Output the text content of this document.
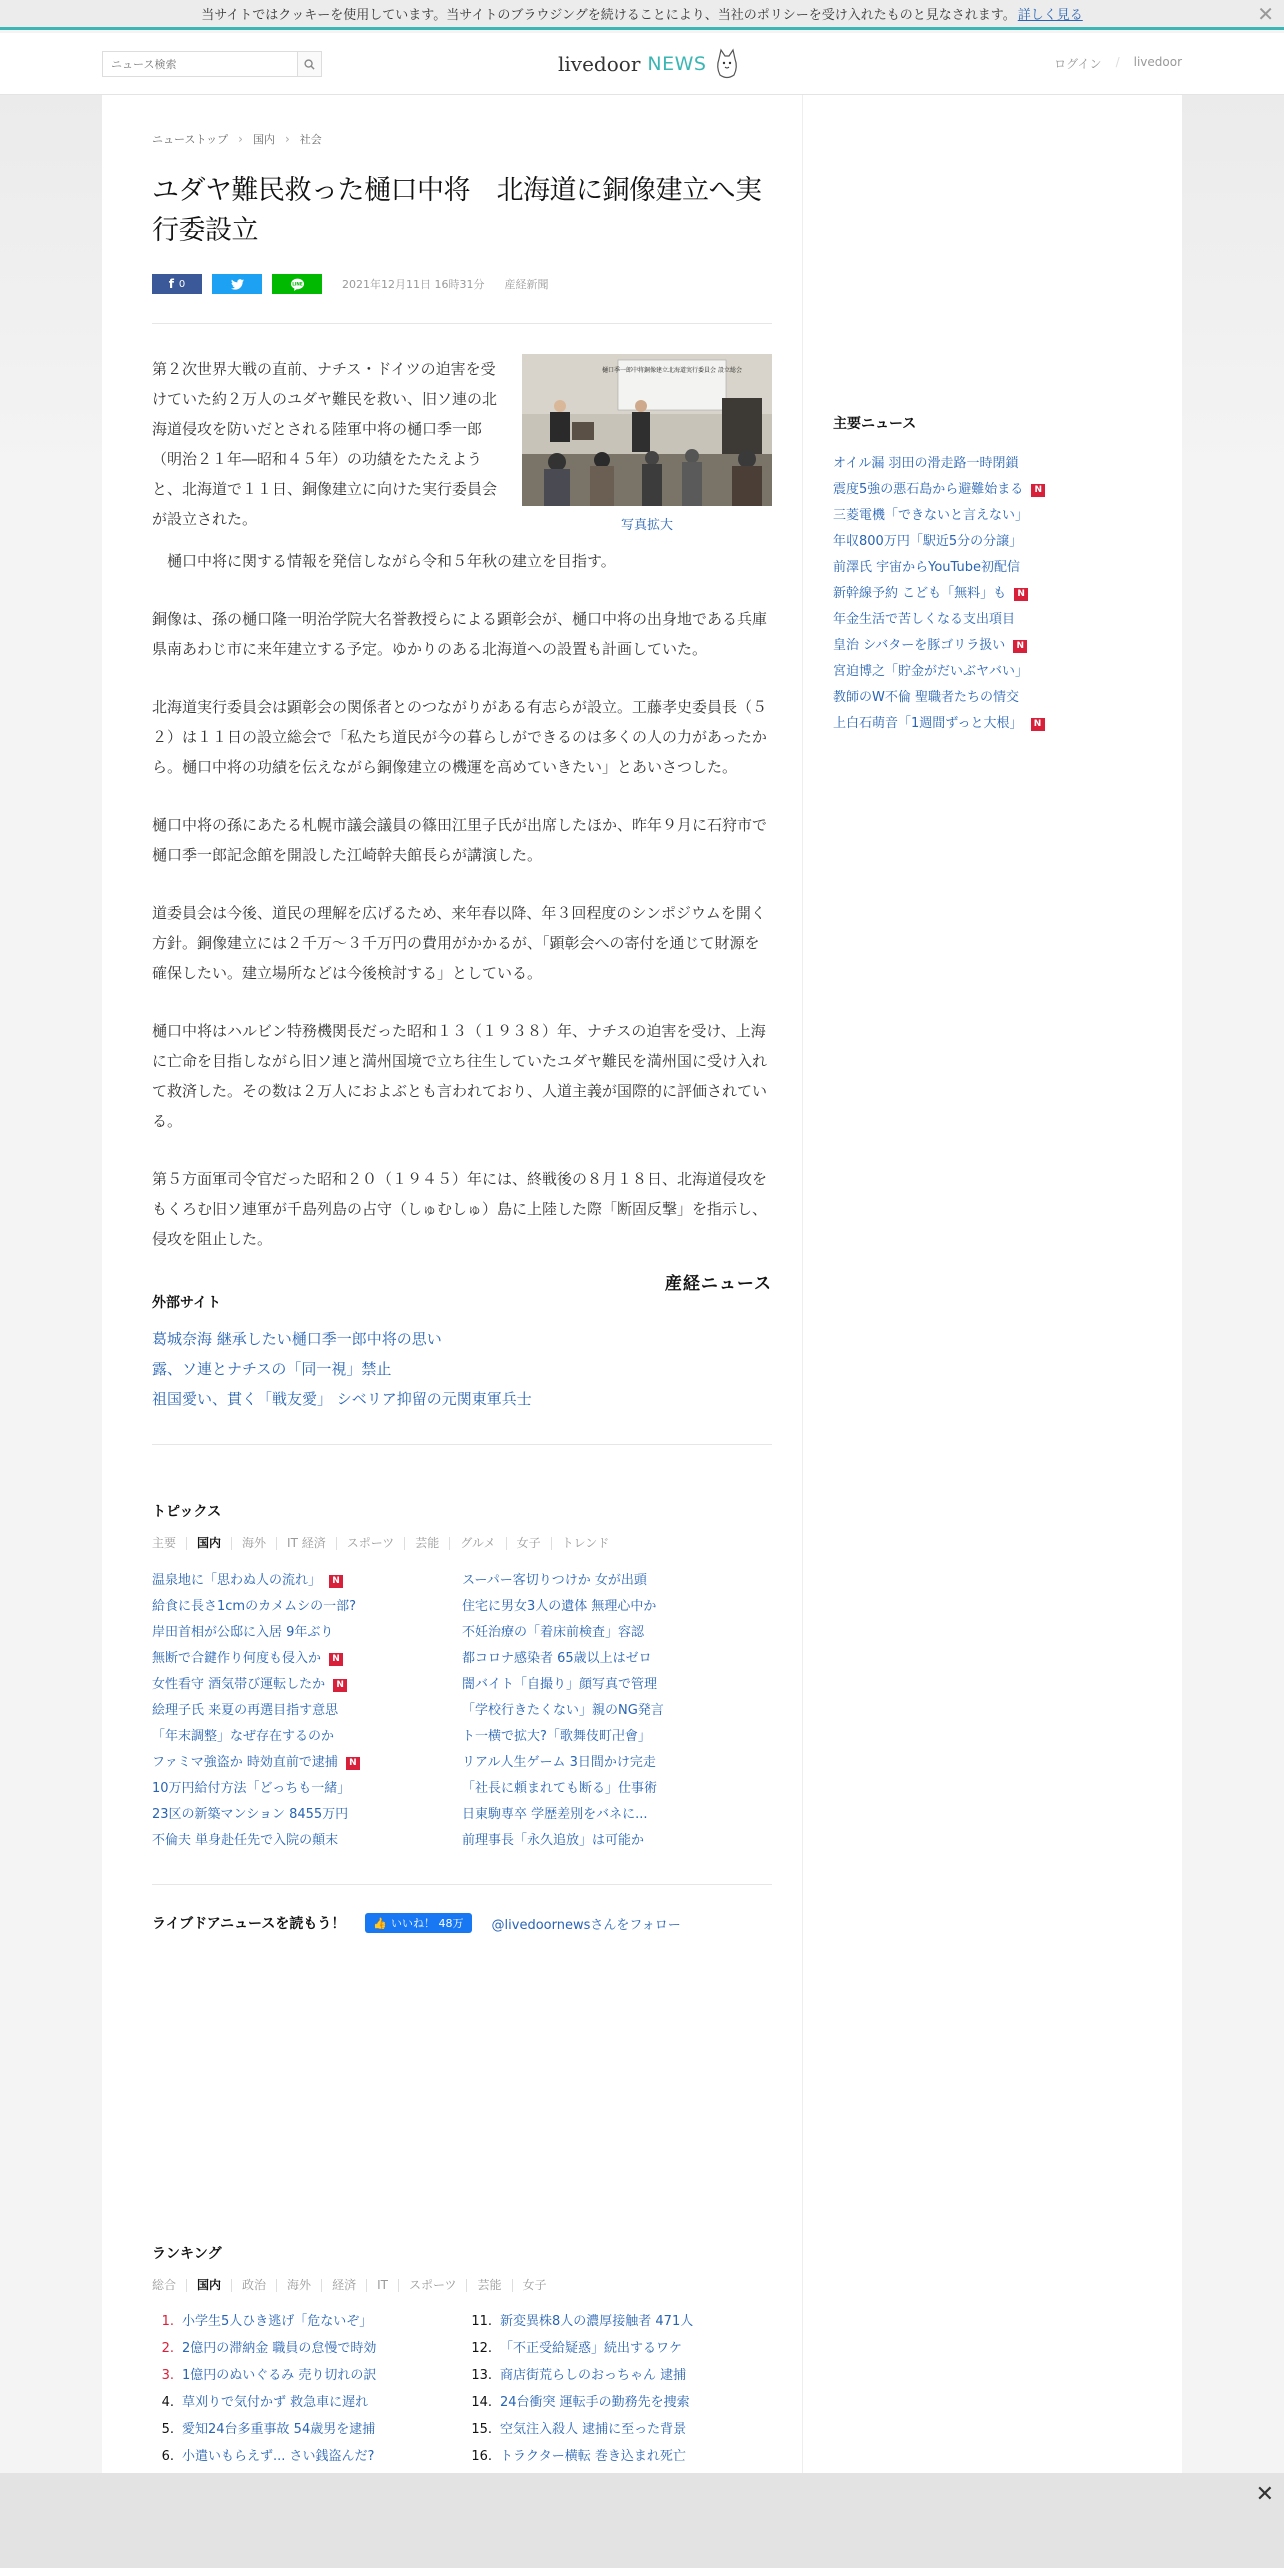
当サイトではクッキーを使用しています。当サイトのブラウジングを続けることにより、当社のポリシーを受け入れたものと見なされます。 詳しく見る	✕
ニュース検索
livedoor NEWS	ログイン / livedoor
ニューストップ › 国内 › 社会
ユダヤ難民救った樋口中将　北海道に銅像建立へ実行委設立
f 0	LINE	2021年12月11日 16時31分 産経新聞
樋口季一郎中将銅像建立北海道実行委員会 設立総会
写真拡大

第２次世界大戦の直前、ナチス・ドイツの迫害を受けていた約２万人のユダヤ難民を救い、旧ソ連の北海道侵攻を防いだとされる陸軍中将の樋口季一郎（明治２１年―昭和４５年）の功績をたたえようと、北海道で１１日、銅像建立に向けた実行委員会が設立された。

　樋口中将に関する情報を発信しながら令和５年秋の建立を目指す。

銅像は、孫の樋口隆一明治学院大名誉教授らによる顕彰会が、樋口中将の出身地である兵庫県南あわじ市に来年建立する予定。ゆかりのある北海道への設置も計画していた。

北海道実行委員会は顕彰会の関係者とのつながりがある有志らが設立。工藤孝史委員長（５２）は１１日の設立総会で「私たち道民が今の暮らしができるのは多くの人の力があったから。樋口中将の功績を伝えながら銅像建立の機運を高めていきたい」とあいさつした。

樋口中将の孫にあたる札幌市議会議員の篠田江里子氏が出席したほか、昨年９月に石狩市で樋口季一郎記念館を開設した江崎幹夫館長らが講演した。

道委員会は今後、道民の理解を広げるため、来年春以降、年３回程度のシンポジウムを開く方針。銅像建立には２千万～３千万円の費用がかかるが、「顕彰会への寄付を通じて財源を確保したい。建立場所などは今後検討する」としている。

樋口中将はハルビン特務機関長だった昭和１３（１９３８）年、ナチスの迫害を受け、上海に亡命を目指しながら旧ソ連と満州国境で立ち往生していたユダヤ難民を満州国に受け入れて救済した。その数は２万人におよぶとも言われており、人道主義が国際的に評価されている。

第５方面軍司令官だった昭和２０（１９４５）年には、終戦後の８月１８日、北海道侵攻をもくろむ旧ソ連軍が千島列島の占守（しゅむしゅ）島に上陸した際「断固反撃」を指示し、侵攻を阻止した。

産経ニュース
外部サイト
葛城奈海 継承したい樋口季一郎中将の思い
露、ソ連とナチスの「同一視」禁止
祖国愛い、貫く「戦友愛」 シベリア抑留の元関東軍兵士
トピックス
主要	国内	海外	IT 経済	スポーツ	芸能	グルメ	女子	トレンド
温泉地に「思わぬ人の流れ」	N
給食に長さ1cmのカメムシの一部?
岸田首相が公邸に入居 9年ぶり
無断で合鍵作り何度も侵入か	N
女性看守 酒気帯び運転したか	N
絵理子氏 来夏の再選目指す意思
「年末調整」なぜ存在するのか
ファミマ強盗か 時効直前で逮捕	N
10万円給付方法「どっちも一緒」
23区の新築マンション 8455万円
不倫夫 単身赴任先で入院の顛末
スーパー客切りつけか 女が出頭
住宅に男女3人の遺体 無理心中か
不妊治療の「着床前検査」容認
都コロナ感染者 65歳以上はゼロ
闇バイト「自撮り」顔写真で管理
「学校行きたくない」親のNG発言
ト一横で拡大?「歌舞伎町卍會」
リアル人生ゲーム 3日間かけ完走
「社長に頼まれても断る」仕事術
日東駒専卒 学歴差別をバネに...
前理事長「永久追放」は可能か
ライブドアニュースを読もう！	👍 いいね！ 48万 @livedoornewsさんをフォロー
ランキング
総合	国内	政治	海外	経済	IT	スポーツ	芸能	女子
1. 小学生5人ひき逃げ「危ないぞ」
2. 2億円の滞納金 職員の怠慢で時効
3. 1億円のぬいぐるみ 売り切れの訳
4. 草刈りで気付かず 救急車に遅れ
5. 愛知24台多重事故 54歳男を逮捕
6. 小遣いもらえず... さい銭盗んだ?
11. 新変異株8人の濃厚接触者 471人
12. 「不正受給疑惑」続出するワケ
13. 商店街荒らしのおっちゃん 逮捕
14. 24台衝突 運転手の勤務先を捜索
15. 空気注入殺人 逮捕に至った背景
16. トラクター横転 巻き込まれ死亡
主要ニュース
オイル漏 羽田の滑走路一時閉鎖
震度5強の悪石島から避難始まる	N
三菱電機「できないと言えない」
年収800万円「駅近5分の分譲」
前澤氏 宇宙からYouTube初配信
新幹線予約 こども「無料」も	N
年金生活で苦しくなる支出項目
皇治 シバターを豚ゴリラ扱い	N
宮迫博之「貯金がだいぶヤバい」
教師のW不倫 聖職者たちの情交
上白石萌音「1週間ずっと大根」	N
✕
